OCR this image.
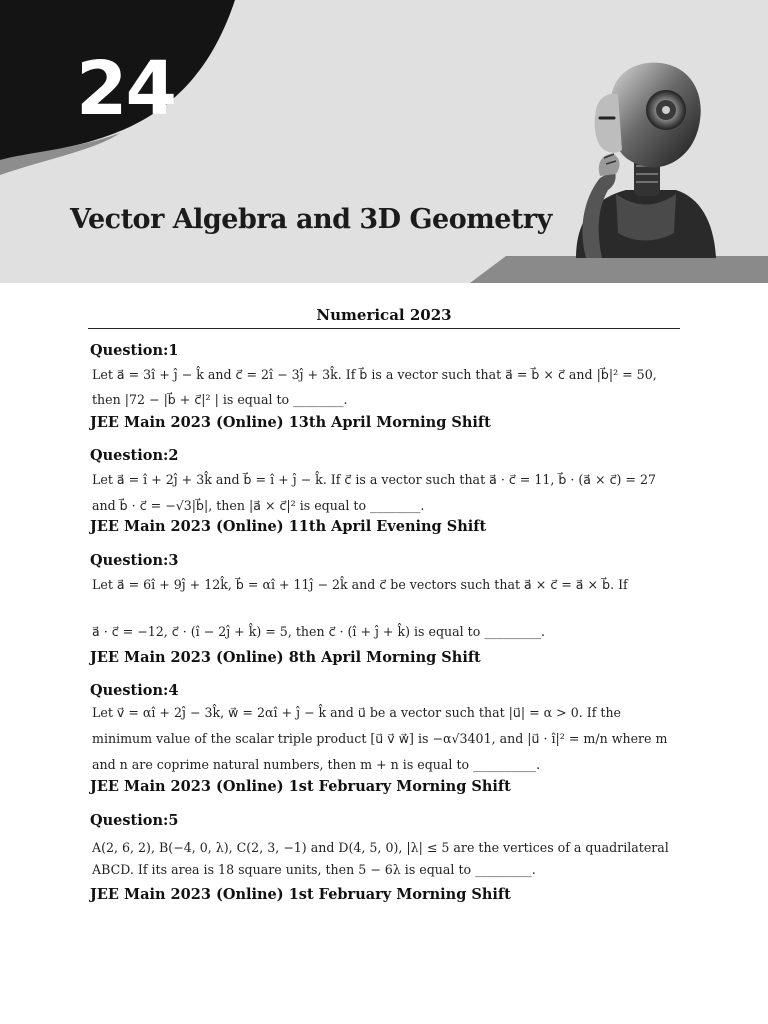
24
Vector Algebra and 3D Geometry
Numerical 2023
Question:1
Let a⃗ = 3î + ĵ − k̂ and c⃗ = 2î − 3ĵ + 3k̂. If b⃗ is a vector such that a⃗ = b⃗ × c⃗ and |b⃗|² = 50,
then |72 − |b⃗ + c⃗|² | is equal to ________.
JEE Main 2023 (Online) 13th April Morning Shift
Question:2
Let a⃗ = î + 2ĵ + 3k̂ and b⃗ = î + ĵ − k̂. If c⃗ is a vector such that a⃗ · c⃗ = 11, b⃗ · (a⃗ × c⃗) = 27
and b⃗ · c⃗ = −√3|b⃗|, then |a⃗ × c⃗|² is equal to ________.
JEE Main 2023 (Online) 11th April Evening Shift
Question:3
Let a⃗ = 6î + 9ĵ + 12k̂, b⃗ = αî + 11ĵ − 2k̂ and c⃗ be vectors such that a⃗ × c⃗ = a⃗ × b⃗. If
a⃗ · c⃗ = −12, c⃗ · (î − 2ĵ + k̂) = 5, then c⃗ · (î + ĵ + k̂) is equal to _________.
JEE Main 2023 (Online) 8th April Morning Shift
Question:4
Let v⃗ = αî + 2ĵ − 3k̂, w⃗ = 2αî + ĵ − k̂ and u⃗ be a vector such that |u⃗| = α > 0. If the
minimum value of the scalar triple product [u⃗ v⃗ w⃗] is −α√3401, and |u⃗ · î|² = m/n where m
and n are coprime natural numbers, then m + n is equal to __________.
JEE Main 2023 (Online) 1st February Morning Shift
Question:5
A(2, 6, 2), B(−4, 0, λ), C(2, 3, −1) and D(4, 5, 0), |λ| ≤ 5 are the vertices of a quadrilateral
ABCD. If its area is 18 square units, then 5 − 6λ is equal to _________.
JEE Main 2023 (Online) 1st February Morning Shift
